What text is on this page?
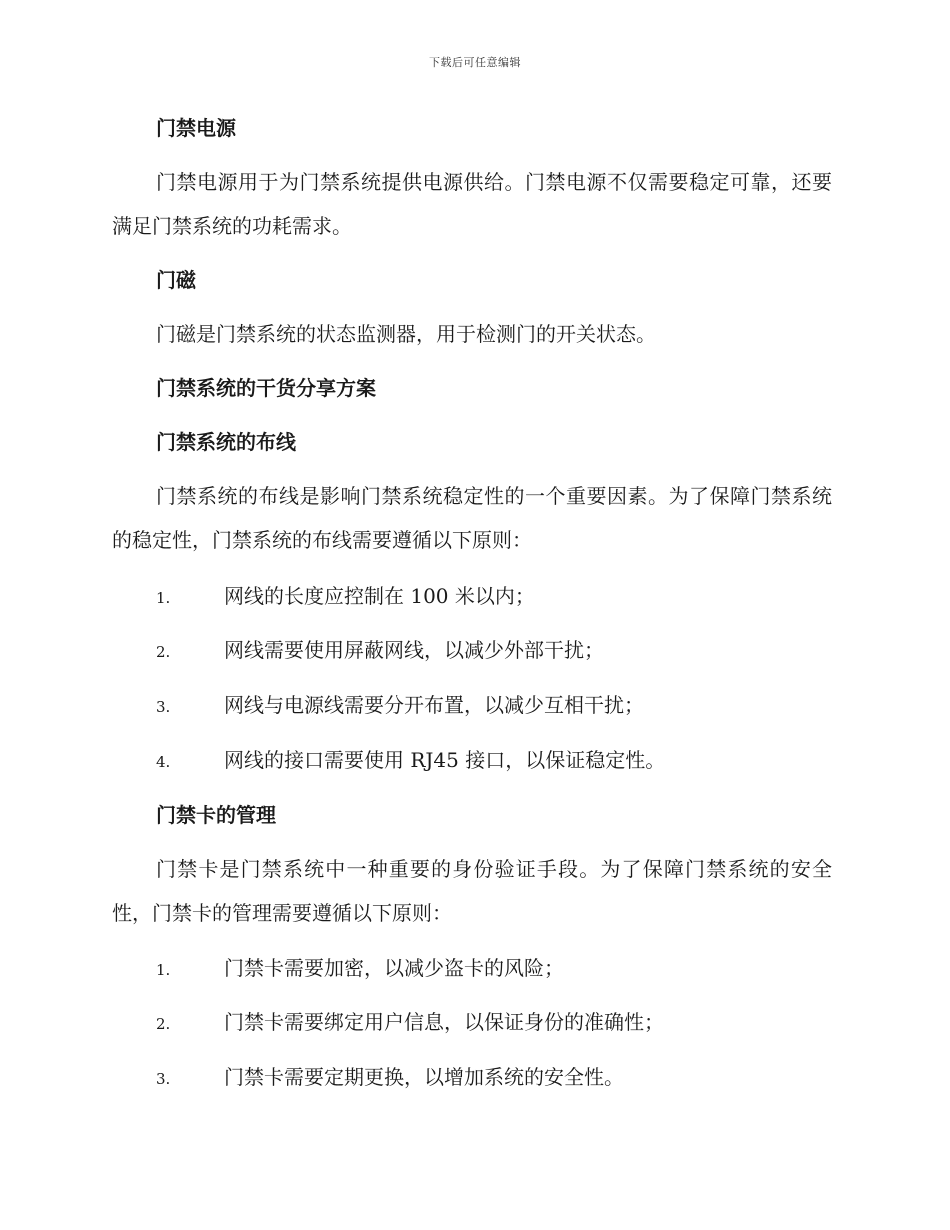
下载后可任意编辑
门禁电源
门禁电源用于为门禁系统提供电源供给。门禁电源不仅需要稳定可靠，还要满足门禁系统的功耗需求。
门磁
门磁是门禁系统的状态监测器，用于检测门的开关状态。
门禁系统的干货分享方案
门禁系统的布线
门禁系统的布线是影响门禁系统稳定性的一个重要因素。为了保障门禁系统的稳定性，门禁系统的布线需要遵循以下原则：
1.	网线的长度应控制在 100 米以内；
2.	网线需要使用屏蔽网线，以减少外部干扰；
3.	网线与电源线需要分开布置，以减少互相干扰；
4.	网线的接口需要使用 RJ45 接口，以保证稳定性。
门禁卡的管理
门禁卡是门禁系统中一种重要的身份验证手段。为了保障门禁系统的安全性，门禁卡的管理需要遵循以下原则：
1.	门禁卡需要加密，以减少盗卡的风险；
2.	门禁卡需要绑定用户信息，以保证身份的准确性；
3.	门禁卡需要定期更换，以增加系统的安全性。
